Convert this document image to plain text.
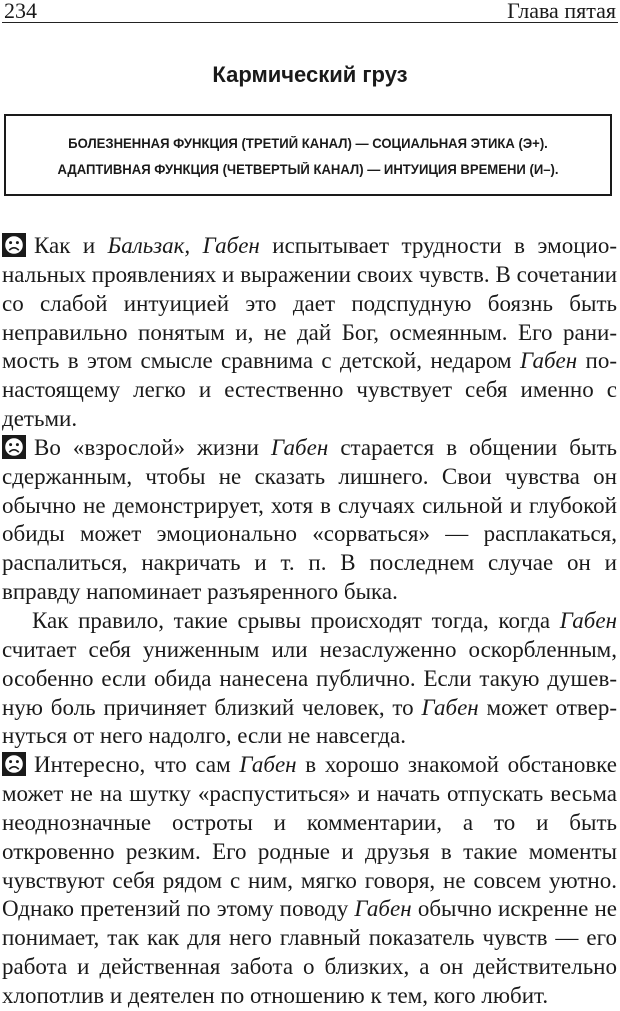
234	Глава пятая
Кармический груз
БОЛЕЗНЕННАЯ ФУНКЦИЯ (ТРЕТИЙ КАНАЛ) — СОЦИАЛЬНАЯ ЭТИКА (Э+).
АДАПТИВНАЯ ФУНКЦИЯ (ЧЕТВЕРТЫЙ КАНАЛ) — ИНТУИЦИЯ ВРЕМЕНИ (И–).

Как и Бальзак, Габен испытывает трудности в эмоциональных проявлениях и выражении своих чувств. В сочетании со слабой интуицией это дает подспудную боязнь быть неправильно понятым и, не дай Бог, осмеянным. Его ранимость в этом смысле сравнима с детской, недаром Габен понастоящему легко и естественно чувствует себя именно с детьми.

Во «взрослой» жизни Габен старается в общении быть сдержанным, чтобы не сказать лишнего. Свои чувства он обычно не демонстрирует, хотя в случаях сильной и глубокой обиды может эмоционально «сорваться» — расплакаться, распалиться, накричать и т. п. В последнем случае он и вправду напоминает разъяренного быка.

Как правило, такие срывы происходят тогда, когда Габен считает себя униженным или незаслуженно оскорбленным, особенно если обида нанесена публично. Если такую душевную боль причиняет близкий человек, то Габен может отвернуться от него надолго, если не навсегда.

Интересно, что сам Габен в хорошо знакомой обстановке может не на шутку «распуститься» и начать отпускать весьма неоднозначные остроты и комментарии, а то и быть откровенно резким. Его родные и друзья в такие моменты чувствуют себя рядом с ним, мягко говоря, не совсем уютно. Однако претензий по этому поводу Габен обычно искренне не понимает, так как для него главный показатель чувств — его работа и действенная забота о близких, а он действительно хлопотлив и деятелен по отношению к тем, кого любит.
